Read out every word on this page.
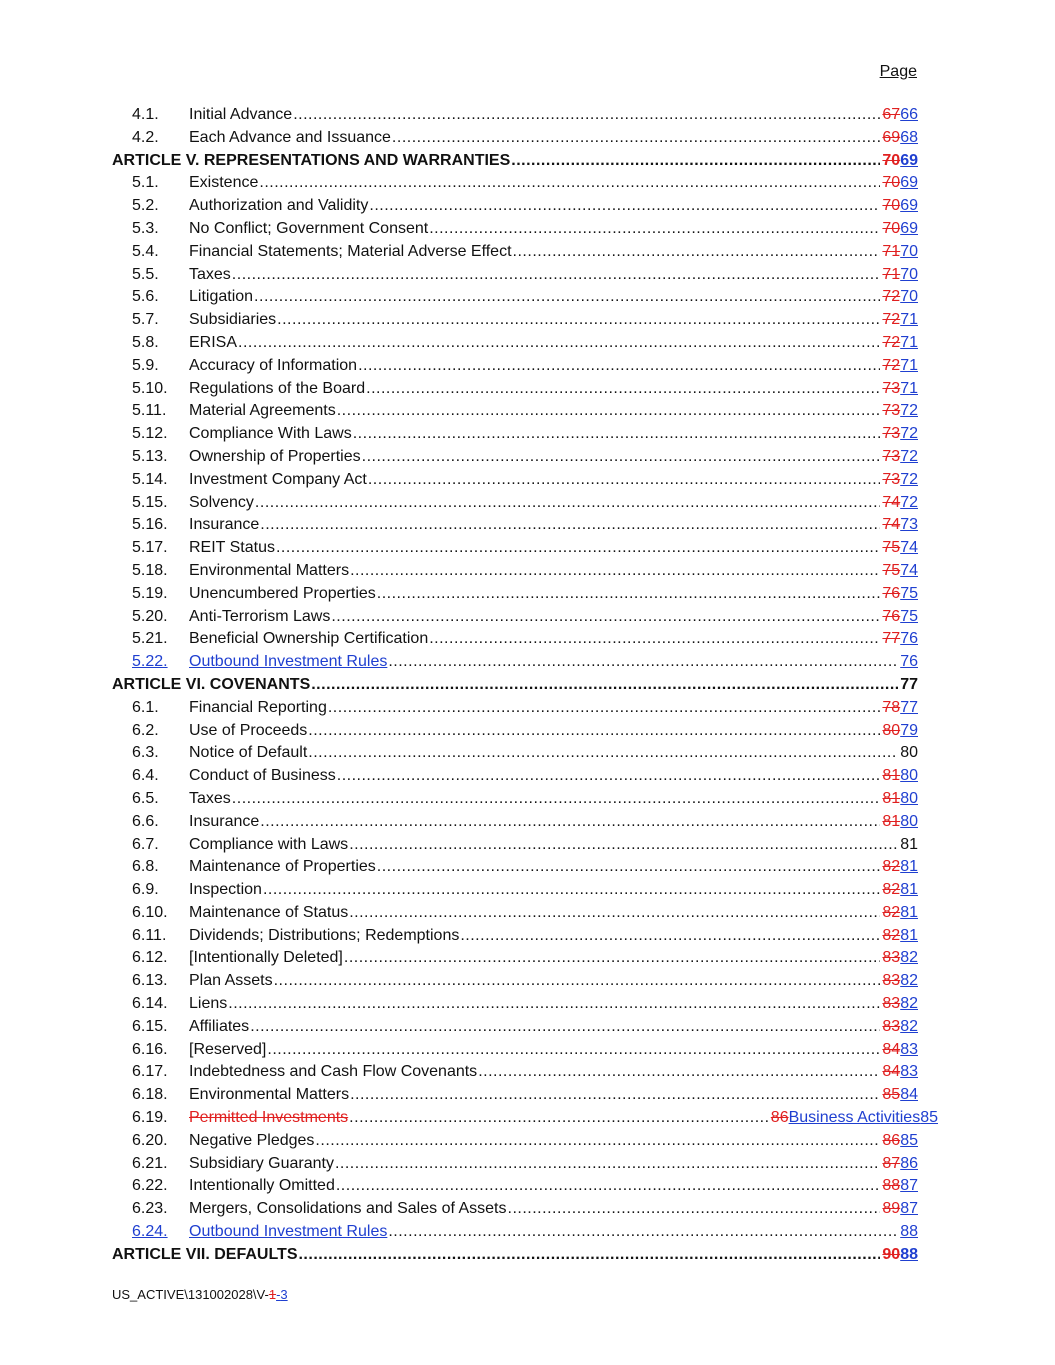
Page
4.1. Initial Advance .....	6766
4.2. Each Advance and Issuance .....	6968
ARTICLE V. REPRESENTATIONS AND WARRANTIES .....	7069
5.1. Existence .....	7069
5.2. Authorization and Validity .....	7069
5.3. No Conflict; Government Consent .....	7069
5.4. Financial Statements; Material Adverse Effect .....	7170
5.5. Taxes .....	7170
5.6. Litigation .....	7270
5.7. Subsidiaries .....	7271
5.8. ERISA .....	7271
5.9. Accuracy of Information .....	7271
5.10. Regulations of the Board .....	7371
5.11. Material Agreements .....	7372
5.12. Compliance With Laws .....	7372
5.13. Ownership of Properties .....	7372
5.14. Investment Company Act .....	7372
5.15. Solvency .....	7472
5.16. Insurance .....	7473
5.17. REIT Status .....	7574
5.18. Environmental Matters .....	7574
5.19. Unencumbered Properties .....	7675
5.20. Anti-Terrorism Laws .....	7675
5.21. Beneficial Ownership Certification .....	7776
5.22. Outbound Investment Rules .....	76
ARTICLE VI. COVENANTS .....	77
6.1. Financial Reporting .....	7877
6.2. Use of Proceeds .....	8079
6.3. Notice of Default .....	80
6.4. Conduct of Business .....	8180
6.5. Taxes .....	8180
6.6. Insurance .....	8180
6.7. Compliance with Laws .....	81
6.8. Maintenance of Properties .....	8281
6.9. Inspection .....	8281
6.10. Maintenance of Status .....	8281
6.11. Dividends; Distributions; Redemptions .....	8281
6.12. [Intentionally Deleted] .....	8382
6.13. Plan Assets .....	8382
6.14. Liens .....	8382
6.15. Affiliates .....	8382
6.16. [Reserved] .....	8483
6.17. Indebtedness and Cash Flow Covenants .....	8483
6.18. Environmental Matters .....	8584
6.19. Permitted Investments .....	86Business Activities85
6.20. Negative Pledges .....	8685
6.21. Subsidiary Guaranty .....	8786
6.22. Intentionally Omitted .....	8887
6.23. Mergers, Consolidations and Sales of Assets .....	8987
6.24. Outbound Investment Rules .....	88
ARTICLE VII. DEFAULTS .....	9088
US_ACTIVE\131002028\V-1-3
